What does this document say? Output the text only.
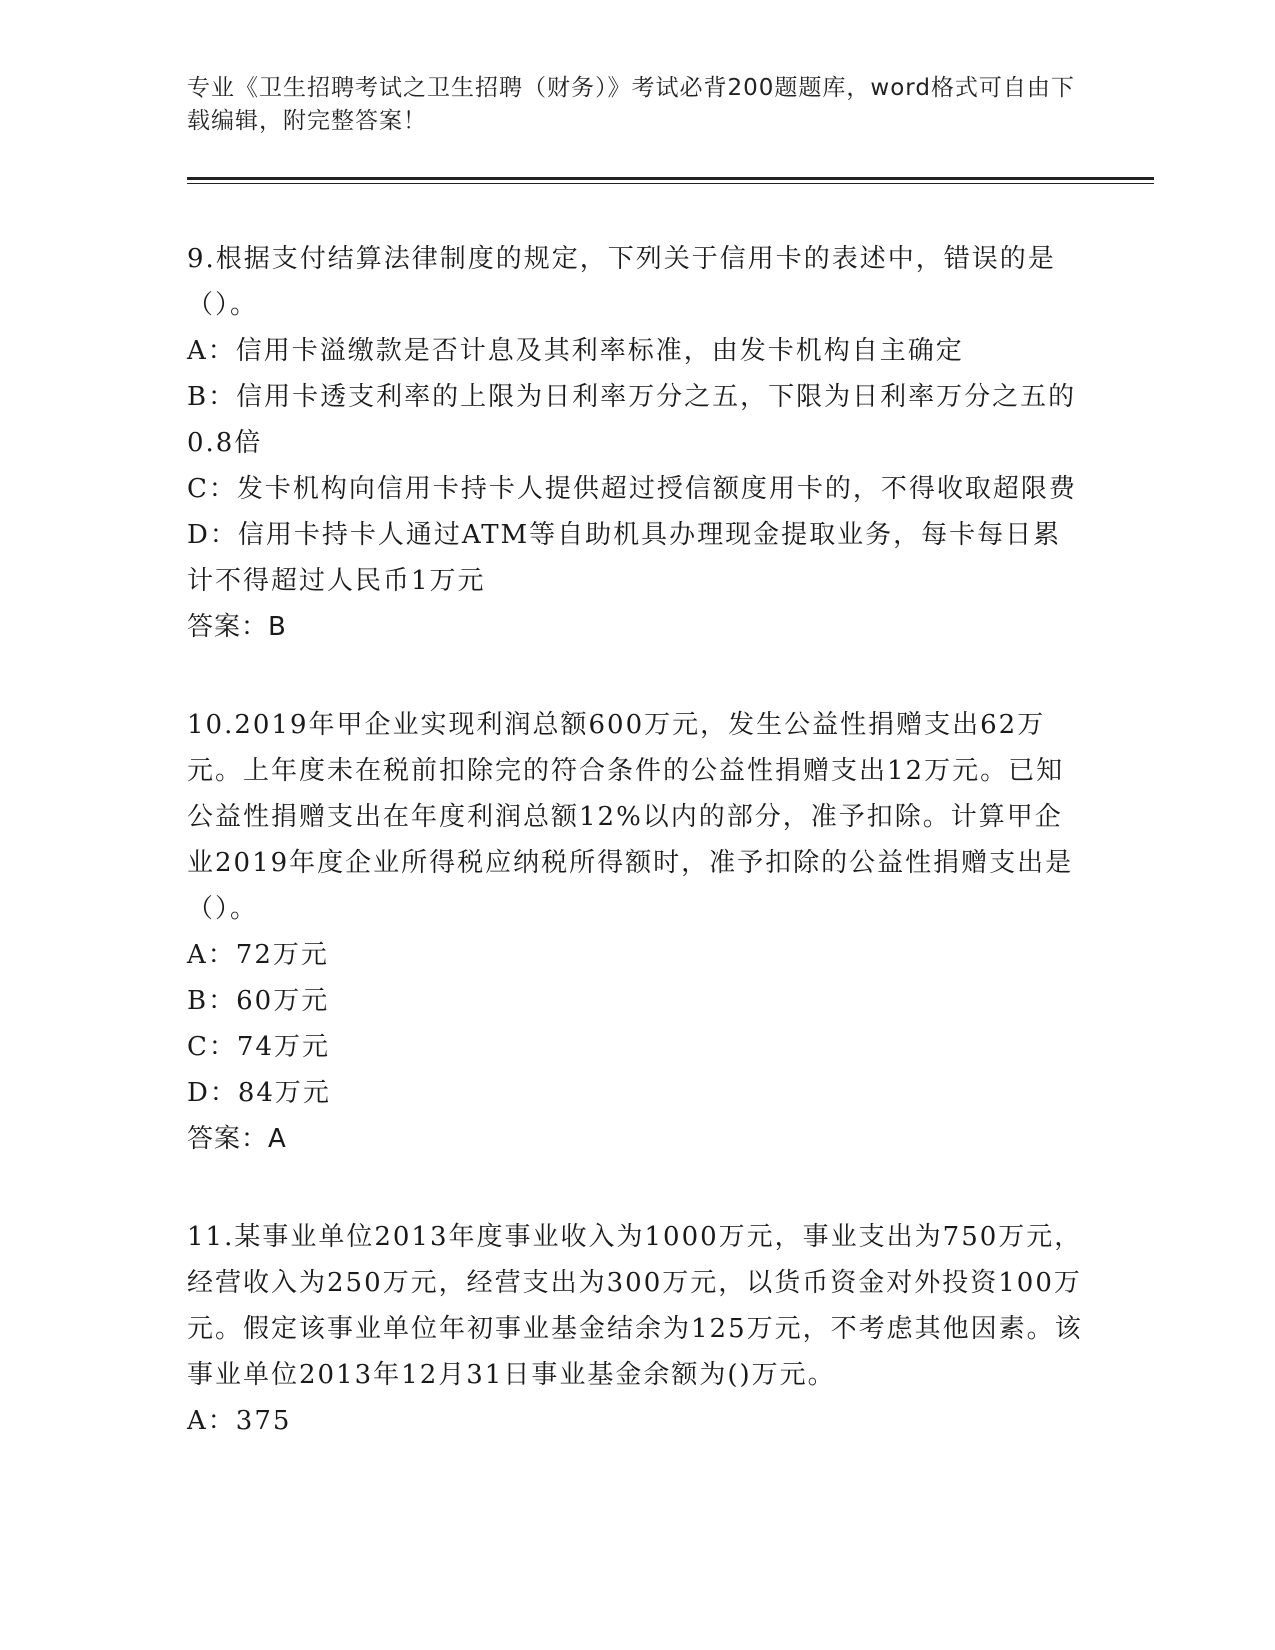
专业《卫生招聘考试之卫生招聘（财务）》考试必背200题题库，word格式可自由下载编辑，附完整答案！

9.根据支付结算法律制度的规定，下列关于信用卡的表述中，错误的是（）。

A：信用卡溢缴款是否计息及其利率标准，由发卡机构自主确定

B：信用卡透支利率的上限为日利率万分之五，下限为日利率万分之五的0.8倍

C：发卡机构向信用卡持卡人提供超过授信额度用卡的，不得收取超限费

D：信用卡持卡人通过ATM等自助机具办理现金提取业务，每卡每日累计不得超过人民币1万元

答案：B

10.2019年甲企业实现利润总额600万元，发生公益性捐赠支出62万元。上年度未在税前扣除完的符合条件的公益性捐赠支出12万元。已知公益性捐赠支出在年度利润总额12%以内的部分，准予扣除。计算甲企业2019年度企业所得税应纳税所得额时，准予扣除的公益性捐赠支出是（）。

A：72万元

B：60万元

C：74万元

D：84万元

答案：A

11.某事业单位2013年度事业收入为1000万元，事业支出为750万元，经营收入为250万元，经营支出为300万元，以货币资金对外投资100万元。假定该事业单位年初事业基金结余为125万元，不考虑其他因素。该事业单位2013年12月31日事业基金余额为()万元。

A：375
